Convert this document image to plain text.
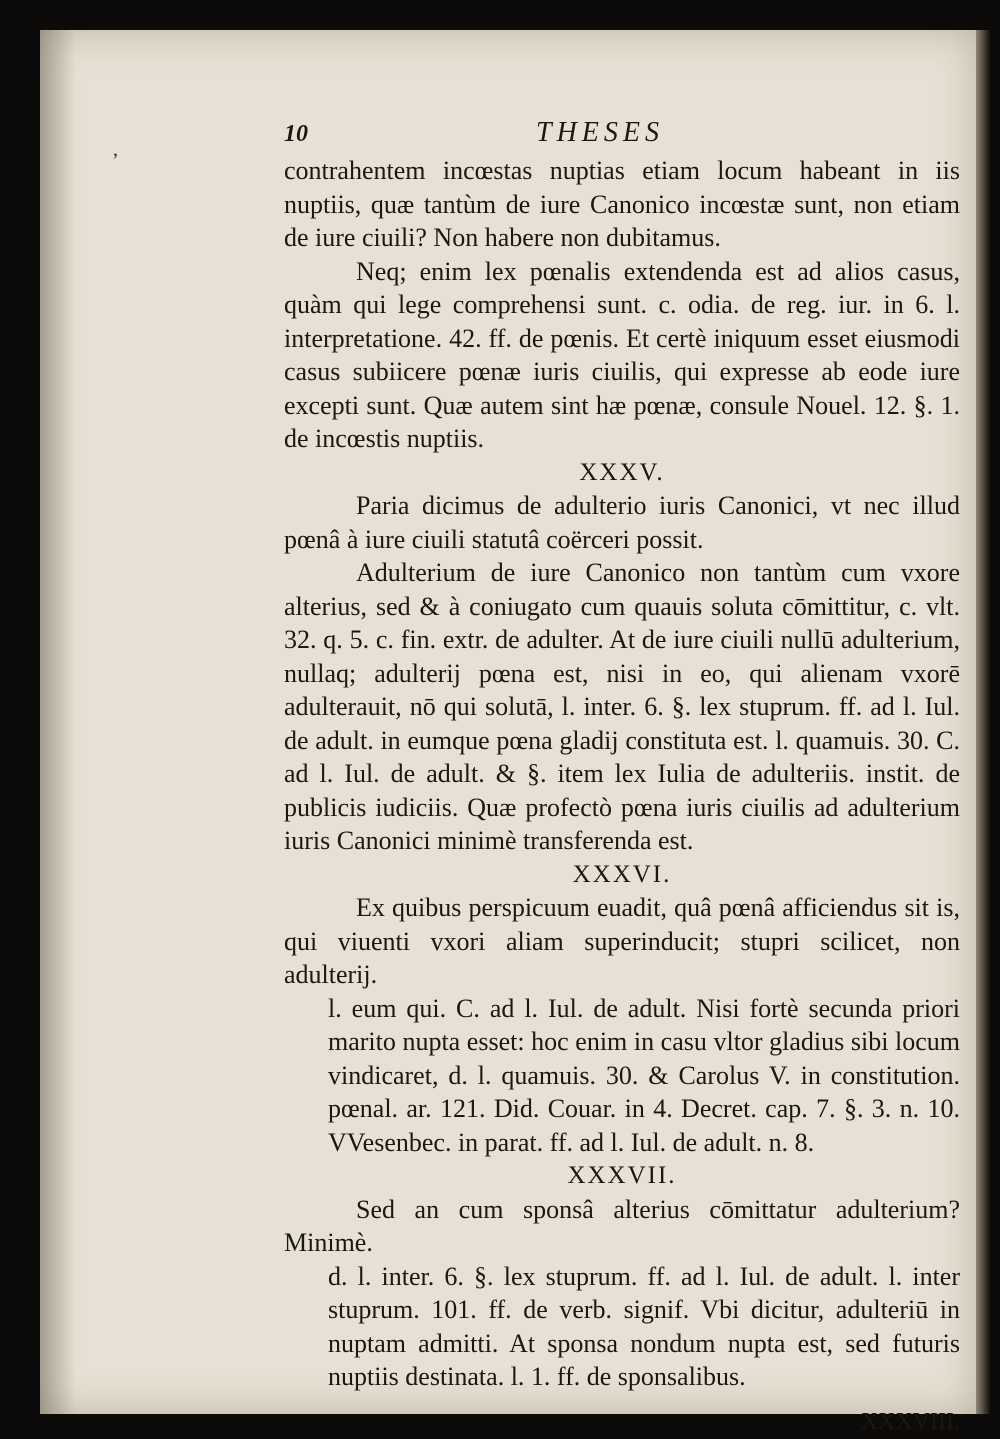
ʼ
10	THESES

contrahentem incœstas nuptias etiam locum habeant in iis nuptiis, quæ tantùm de iure Canonico incœstæ sunt, non etiam de iure ciuili? Non habere non dubitamus.

Neq; enim lex pœnalis extendenda est ad alios casus, quàm qui lege comprehensi sunt. c. odia. de reg. iur. in 6. l. interpretatione. 42. ff. de pœnis. Et certè iniquum esset eiusmodi casus subiicere pœnæ iuris ciuilis, qui expresse ab eode iure excepti sunt. Quæ autem sint hæ pœnæ, consule Nouel. 12. §. 1. de incœstis nuptiis.

XXXV.

Paria dicimus de adulterio iuris Canonici, vt nec illud pœnâ à iure ciuili statutâ coërceri possit.

Adulterium de iure Canonico non tantùm cum vxore alterius, sed & à coniugato cum quauis soluta cōmittitur, c. vlt. 32. q. 5. c. fin. extr. de adulter. At de iure ciuili nullū adulterium, nullaq; adulterij pœna est, nisi in eo, qui alienam vxorē adulterauit, nō qui solutā, l. inter. 6. §. lex stuprum. ff. ad l. Iul. de adult. in eumque pœna gladij constituta est. l. quamuis. 30. C. ad l. Iul. de adult. & §. item lex Iulia de adulteriis. instit. de publicis iudiciis. Quæ profectò pœna iuris ciuilis ad adulterium iuris Canonici minimè transferenda est.

XXXVI.

Ex quibus perspicuum euadit, quâ pœnâ afficiendus sit is, qui viuenti vxori aliam superinducit; stupri scilicet, non adulterij.

l. eum qui. C. ad l. Iul. de adult. Nisi fortè secunda priori marito nupta esset: hoc enim in casu vltor gladius sibi locum vindicaret, d. l. quamuis. 30. & Carolus V. in constitution. pœnal. ar. 121. Did. Couar. in 4. Decret. cap. 7. §. 3. n. 10. VVesenbec. in parat. ff. ad l. Iul. de adult. n. 8.

XXXVII.

Sed an cum sponsâ alterius cōmittatur adulterium? Minimè.

d. l. inter. 6. §. lex stuprum. ff. ad l. Iul. de adult. l. inter stuprum. 101. ff. de verb. signif. Vbi dicitur, adulteriū in nuptam admitti. At sponsa nondum nupta est, sed futuris nuptiis destinata. l. 1. ff. de sponsalibus.

XXXVIII.
